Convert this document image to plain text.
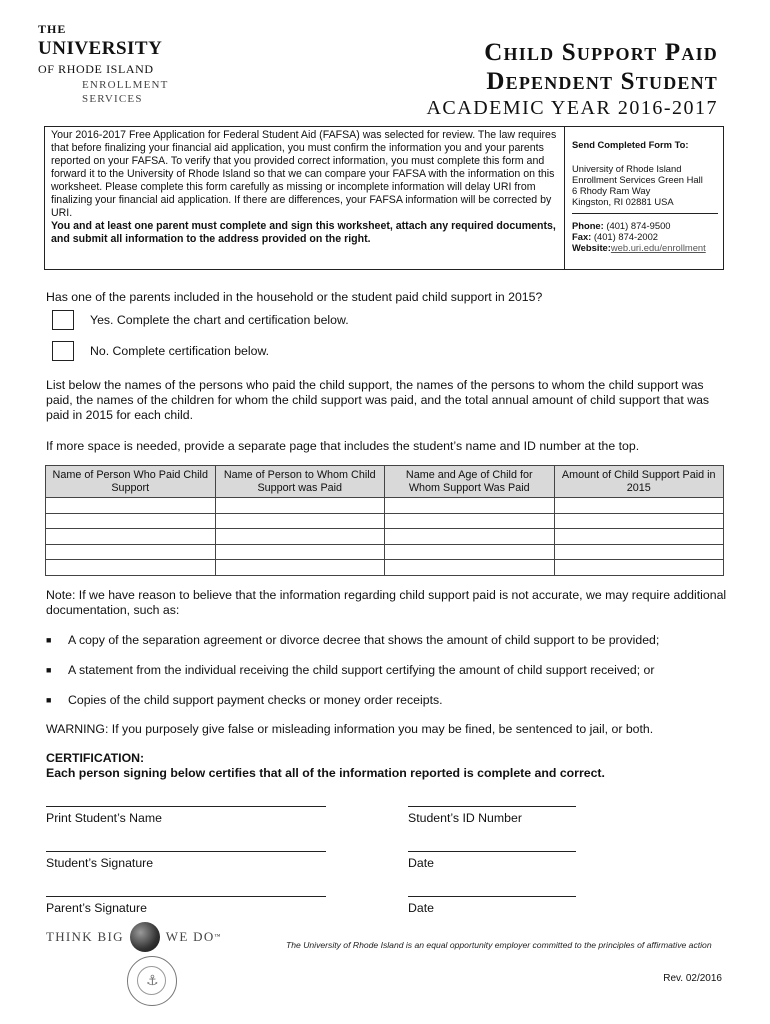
THE
UNIVERSITY
OF RHODE ISLAND
ENROLLMENT
SERVICES
Child Support Paid
Dependent Student
ACADEMIC YEAR 2016-2017

Your 2016-2017 Free Application for Federal Student Aid (FAFSA) was selected for review. The law requires that before finalizing your financial aid application, you must confirm the information you and your parents reported on your FAFSA. To verify that you provided correct information, you must complete this form and forward it to the University of Rhode Island so that we can compare your FAFSA with the information on this worksheet. Please complete this form carefully as missing or incomplete information will delay URI from finalizing your financial aid application. If there are differences, your FAFSA information will be corrected by URI.

You and at least one parent must complete and sign this worksheet, attach any required documents, and submit all information to the address provided on the right.

Send Completed Form To:
University of Rhode Island
Enrollment Services Green Hall
6 Rhody Ram Way
Kingston, RI 02881 USA
Phone: (401) 874-9500
Fax: (401) 874-2002
Website:web.uri.edu/enrollment
Has one of the parents included in the household or the student paid child support in 2015?
Yes. Complete the chart and certification below.
No. Complete certification below.

List below the names of the persons who paid the child support, the names of the persons to whom the child support was paid, the names of the children for whom the child support was paid, and the total annual amount of child support that was paid in 2015 for each child.

If more space is needed, provide a separate page that includes the student’s name and ID number at the top.

Name of Person Who Paid Child Support	Name of Person to Whom Child Support was Paid	Name and Age of Child for Whom Support Was Paid	Amount of Child Support Paid in 2015

Note: If we have reason to believe that the information regarding child support paid is not accurate, we may require additional documentation, such as:

■	A copy of the separation agreement or divorce decree that shows the amount of child support to be provided;
■	A statement from the individual receiving the child support certifying the amount of child support received; or
■	Copies of the child support payment checks or money order receipts.

WARNING: If you purposely give false or misleading information you may be fined, be sentenced to jail, or both.

CERTIFICATION:
Each person signing below certifies that all of the information reported is complete and correct.
Print Student’s Name	Student’s ID Number
Student’s Signature	Date
Parent’s Signature	Date
THINK BIG	WE DO ™
The University of Rhode Island is an equal opportunity employer committed to the principles of affirmative action
⚓	Rev. 02/2016
